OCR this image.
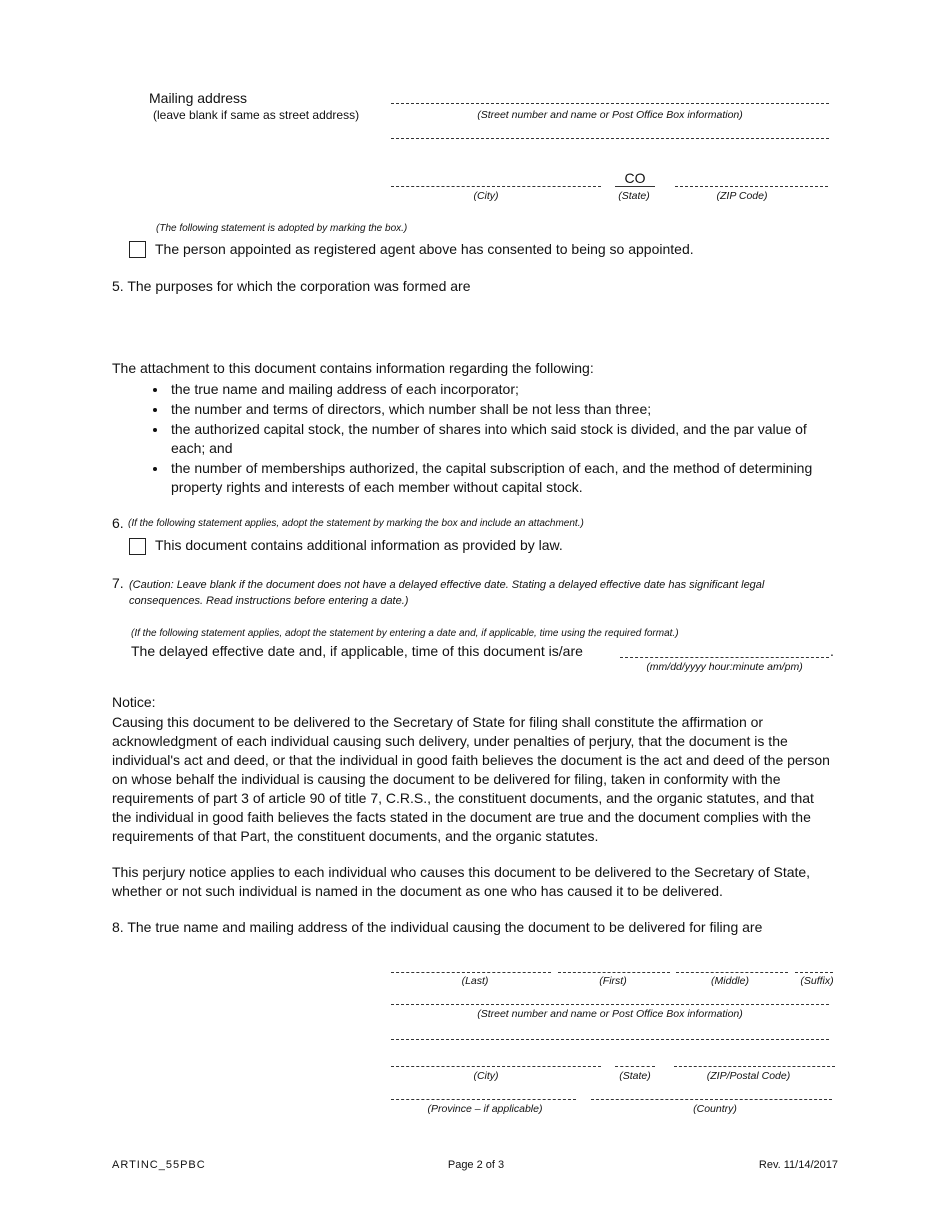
Mailing address
(leave blank if same as street address)	(Street number and name or Post Office Box information)
(City)
CO
(State)	(ZIP Code)
(The following statement is adopted by marking the box.)
The person appointed as registered agent above has consented to being so appointed.
5. The purposes for which the corporation was formed are
The attachment to this document contains information regarding the following:
• the true name and mailing address of each incorporator;
• the number and terms of directors, which number shall be not less than three;
• the authorized capital stock, the number of shares into which said stock is divided, and the par value of each; and
• the number of memberships authorized, the capital subscription of each, and the method of determining property rights and interests of each member without capital stock.
6. (If the following statement applies, adopt the statement by marking the box and include an attachment.)
This document contains additional information as provided by law.
7. (Caution: Leave blank if the document does not have a delayed effective date. Stating a delayed effective date has significant legal consequences. Read instructions before entering a date.)
(If the following statement applies, adopt the statement by entering a date and, if applicable, time using the required format.)
The delayed effective date and, if applicable, time of this document is/are	.
(mm/dd/yyyy hour:minute am/pm)
Notice:

Causing this document to be delivered to the Secretary of State for filing shall constitute the affirmation or acknowledgment of each individual causing such delivery, under penalties of perjury, that the document is the individual's act and deed, or that the individual in good faith believes the document is the act and deed of the person on whose behalf the individual is causing the document to be delivered for filing, taken in conformity with the requirements of part 3 of article 90 of title 7, C.R.S., the constituent documents, and the organic statutes, and that the individual in good faith believes the facts stated in the document are true and the document complies with the requirements of that Part, the constituent documents, and the organic statutes.

This perjury notice applies to each individual who causes this document to be delivered to the Secretary of State, whether or not such individual is named in the document as one who has caused it to be delivered.

8. The true name and mailing address of the individual causing the document to be delivered for filing are
(Last)	(First)	(Middle)	(Suffix)
(Street number and name or Post Office Box information)
(City)	(State)	(ZIP/Postal Code)
(Province – if applicable)	(Country)
ARTINC_55PBC	Page 2 of 3	Rev. 11/14/2017
